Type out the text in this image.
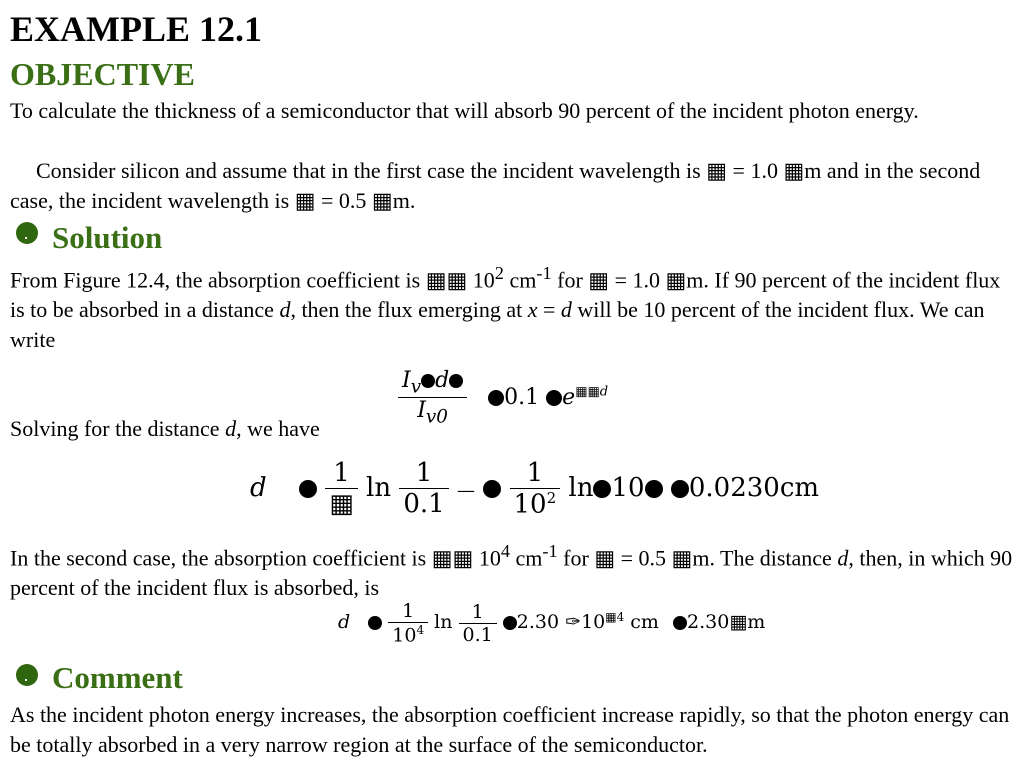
EXAMPLE 12.1
OBJECTIVE
To calculate the thickness of a semiconductor that will absorb 90 percent of the incident photon energy.
Consider silicon and assume that in the first case the incident wavelength is ▦ = 1.0 ▦m and in the second case, the incident wavelength is ▦ = 0.5 ▦m.
Solution
From Figure 12.4, the absorption coefficient is ▦▦ $10^2$ $cm^{-1}$ for ▦ = 1.0 ▦m. If 90 percent of the incident flux is to be absorbed in a distance d, then the flux emerging at x = d will be 10 percent of the incident flux. We can write
$\frac{I_v d}{I_{v0}} 0.1$ $e^{▦▦d}$
Solving for the distance d, we have
d $\frac{1}{▦}$ $\ln \frac{1}{0.1}$ — $\frac{1}{10^2}$ ln 10 0.0230cm
In the second case, the absorption coefficient is ▦▦ $10^4$ $cm^{-1}$ for ▦ = 0.5 ▦m. The distance d, then, in which 90 percent of the incident flux is absorbed, is
d $\frac{1}{10^4}$ $\ln \frac{1}{0.1} 2.30$ $✑10^{▦4}$ cm 2.30▦m
Comment
As the incident photon energy increases, the absorption coefficient increase rapidly, so that the photon energy can be totally absorbed in a very narrow region at the surface of the semiconductor.
